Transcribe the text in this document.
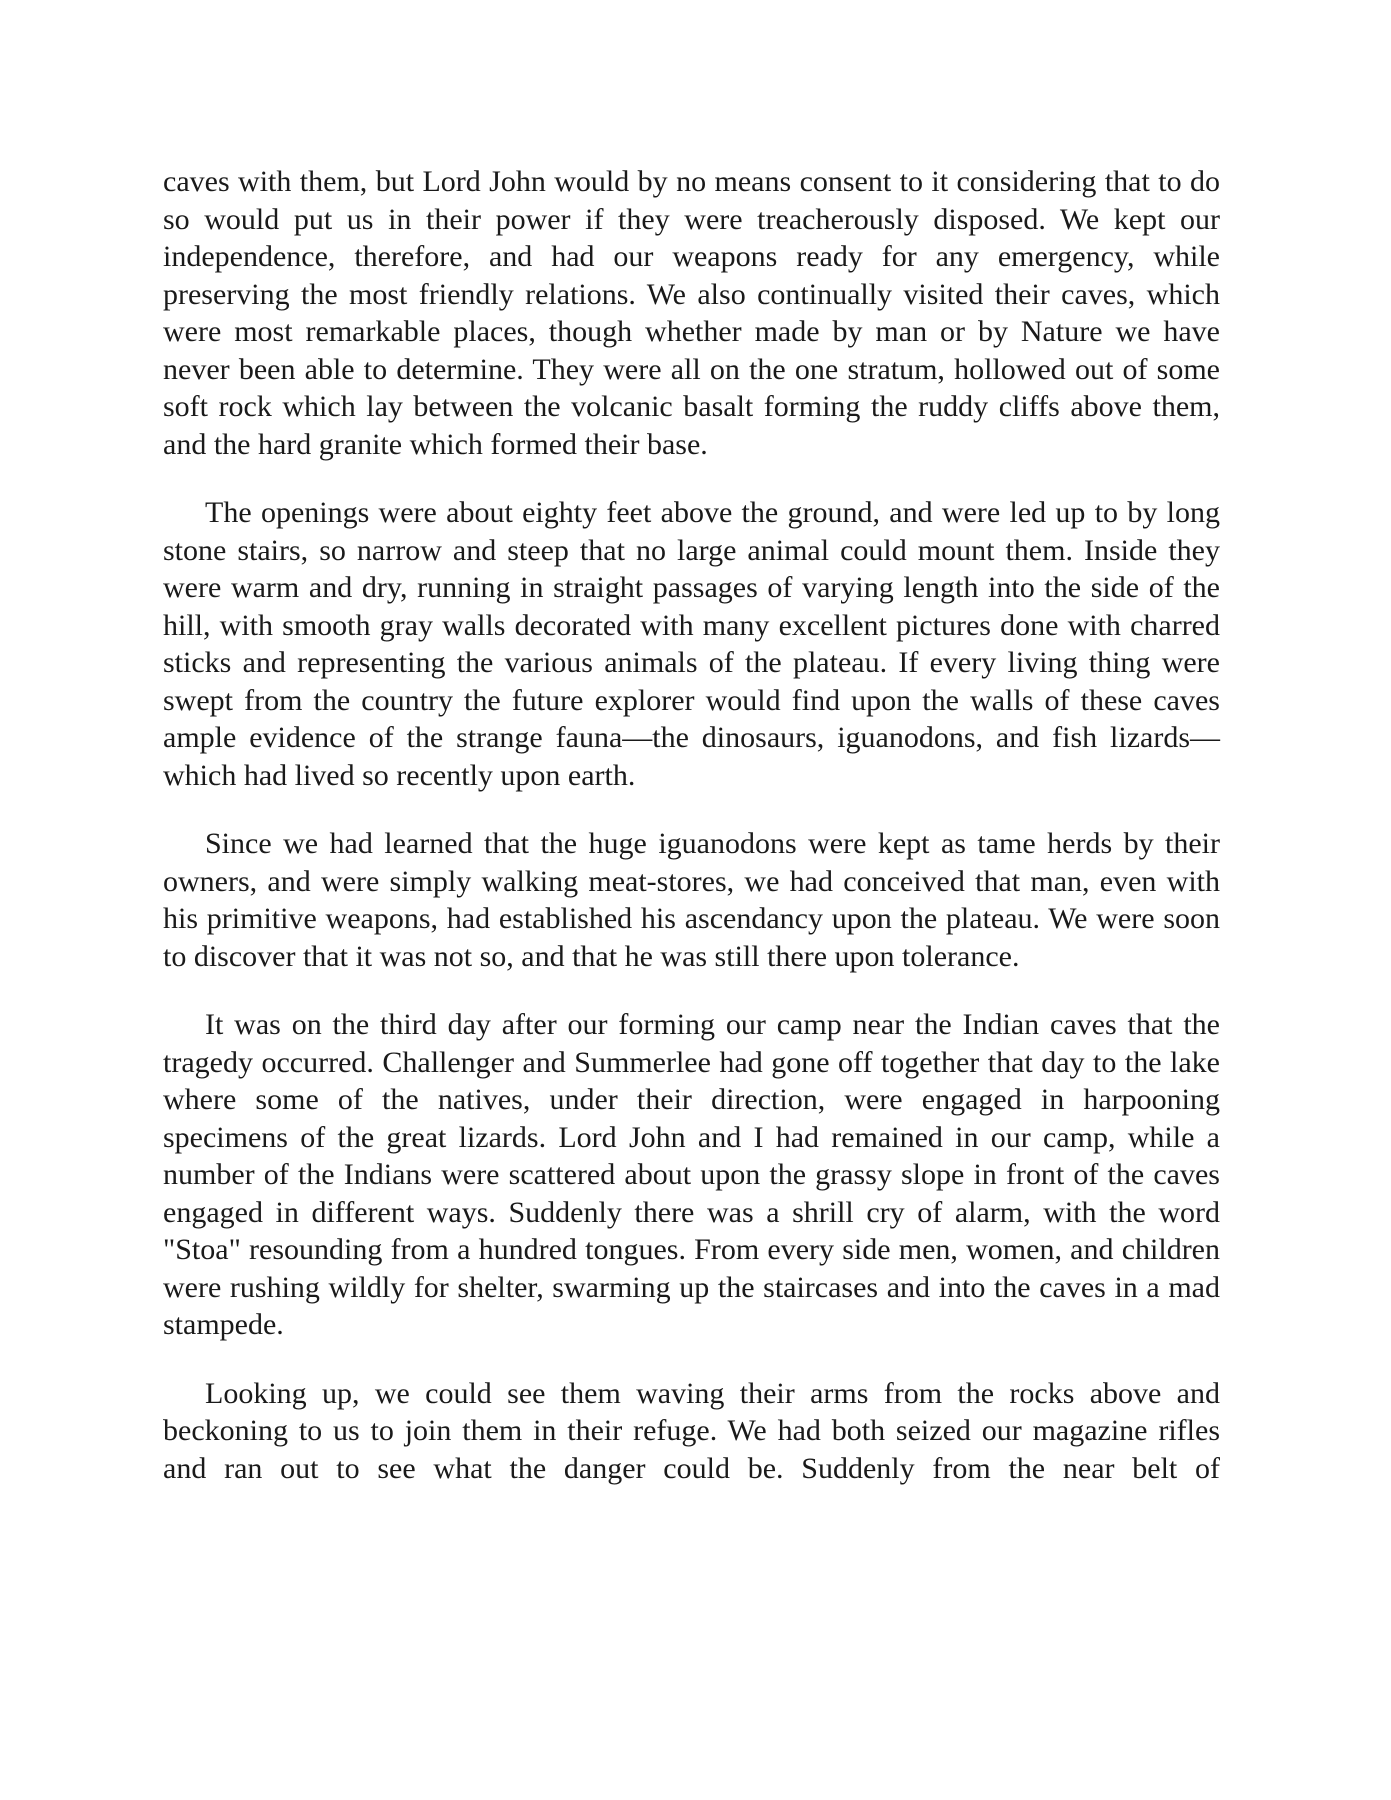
caves with them, but Lord John would by no means consent to it considering that to do so would put us in their power if they were treacherously disposed. We kept our independence, therefore, and had our weapons ready for any emergency, while preserving the most friendly relations. We also continually visited their caves, which were most remarkable places, though whether made by man or by Nature we have never been able to determine. They were all on the one stratum, hollowed out of some soft rock which lay between the volcanic basalt forming the ruddy cliffs above them, and the hard granite which formed their base.

The openings were about eighty feet above the ground, and were led up to by long stone stairs, so narrow and steep that no large animal could mount them. Inside they were warm and dry, running in straight passages of varying length into the side of the hill, with smooth gray walls decorated with many excellent pictures done with charred sticks and representing the various animals of the plateau. If every living thing were swept from the country the future explorer would find upon the walls of these caves ample evidence of the strange fauna—the dinosaurs, iguanodons, and fish lizards—which had lived so recently upon earth.

Since we had learned that the huge iguanodons were kept as tame herds by their owners, and were simply walking meat-stores, we had conceived that man, even with his primitive weapons, had established his ascendancy upon the plateau. We were soon to discover that it was not so, and that he was still there upon tolerance.

It was on the third day after our forming our camp near the Indian caves that the tragedy occurred. Challenger and Summerlee had gone off together that day to the lake where some of the natives, under their direction, were engaged in harpooning specimens of the great lizards. Lord John and I had remained in our camp, while a number of the Indians were scattered about upon the grassy slope in front of the caves engaged in different ways. Suddenly there was a shrill cry of alarm, with the word "Stoa" resounding from a hundred tongues. From every side men, women, and children were rushing wildly for shelter, swarming up the staircases and into the caves in a mad stampede.

Looking up, we could see them waving their arms from the rocks above and beckoning to us to join them in their refuge. We had both seized our magazine rifles and ran out to see what the danger could be. Suddenly from the near belt of
